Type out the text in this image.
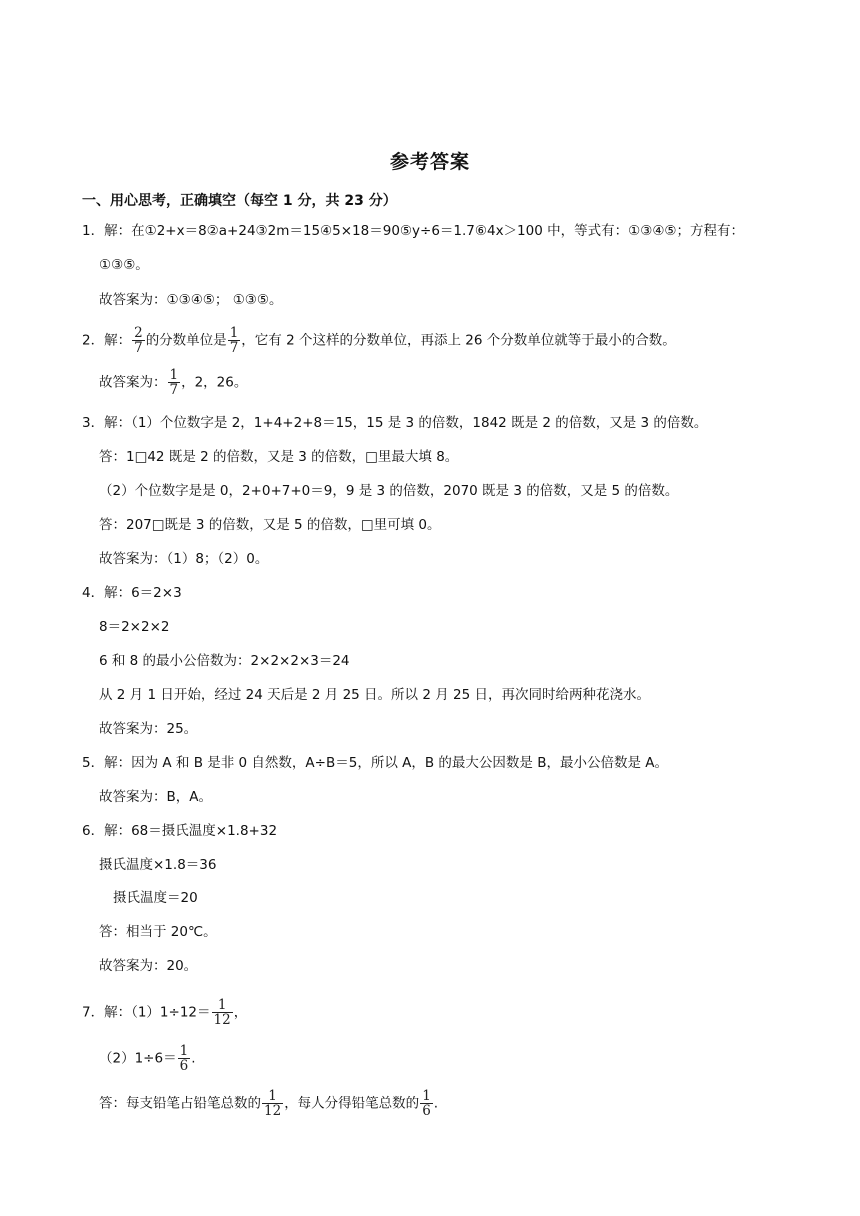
参考答案
一、用心思考，正确填空（每空 1 分，共 23 分）
1．解：在①2+x＝8②a+24③2m＝15④5×18＝90⑤y÷6＝1.7⑥4x＞100 中，等式有：①③④⑤；方程有：
①③⑤。
故答案为：①③④⑤； ①③⑤。
2．解： $\frac{2}{7}$ 的分数单位是 $\frac{1}{7}$ ，它有 2 个这样的分数单位，再添上 26 个分数单位就等于最小的合数。
故答案为： $\frac{1}{7}$ ，2，26。
3．解：（1）个位数字是 2，1+4+2+8＝15，15 是 3 的倍数，1842 既是 2 的倍数，又是 3 的倍数。
答：1□42 既是 2 的倍数，又是 3 的倍数，□里最大填 8。
（2）个位数字是是 0，2+0+7+0＝9，9 是 3 的倍数，2070 既是 3 的倍数，又是 5 的倍数。
答：207□既是 3 的倍数，又是 5 的倍数，□里可填 0。
故答案为：（1）8；（2）0。
4．解：6＝2×3
8＝2×2×2
6 和 8 的最小公倍数为：2×2×2×3＝24
从 2 月 1 日开始，经过 24 天后是 2 月 25 日。所以 2 月 25 日，再次同时给两种花浇水。
故答案为：25。
5．解：因为 A 和 B 是非 0 自然数，A÷B＝5，所以 A，B 的最大公因数是 B，最小公倍数是 A。
故答案为：B，A。
6．解：68＝摄氏温度×1.8+32
摄氏温度×1.8＝36
摄氏温度＝20
答：相当于 20℃。
故答案为：20。
7．解：$(1)1\div 12= \frac{1}{12}$ ，
$(2)1\div 6= \frac{1}{6}$ .
答：每支铅笔占铅笔总数的 $\frac{1}{12}$ ，每人分得铅笔总数的 $\frac{1}{6}$ .
